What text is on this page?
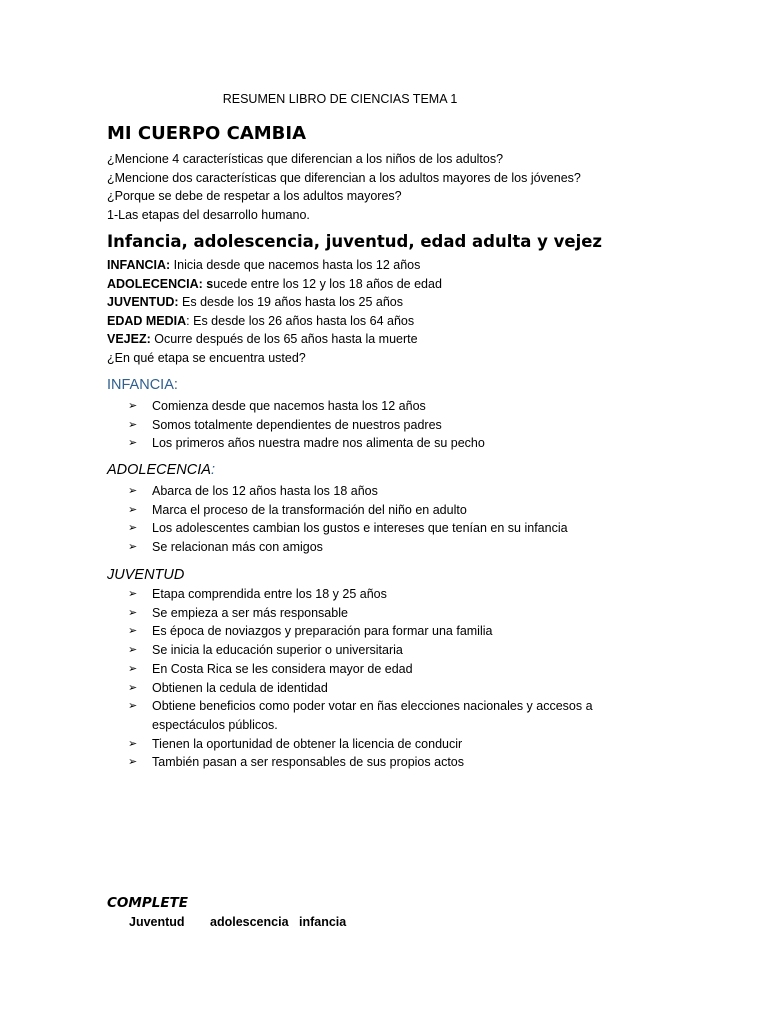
RESUMEN LIBRO DE CIENCIAS TEMA 1
MI CUERPO CAMBIA
¿Mencione 4 características que diferencian a los niños de los adultos?
¿Mencione dos características que diferencian a los adultos mayores de los jóvenes?
¿Porque se debe de respetar a los adultos mayores?
1-Las etapas del desarrollo humano.
Infancia, adolescencia, juventud, edad adulta y vejez
INFANCIA: Inicia desde que nacemos hasta los 12 años
ADOLECENCIA: sucede entre los 12 y los 18 años de edad
JUVENTUD: Es desde los 19 años hasta los 25 años
EDAD MEDIA: Es desde los 26 años hasta los 64 años
VEJEZ: Ocurre después de los 65 años hasta la muerte
¿En qué etapa se encuentra usted?
INFANCIA:
➢ Comienza desde que nacemos hasta los 12 años
➢ Somos totalmente dependientes de nuestros padres
➢ Los primeros años nuestra madre nos alimenta de su pecho
ADOLECENCIA:
➢ Abarca de los 12 años hasta los 18 años
➢ Marca el proceso de la transformación del niño en adulto
➢ Los adolescentes cambian los gustos e intereses que tenían en su infancia
➢ Se relacionan más con amigos
JUVENTUD
➢ Etapa comprendida entre los 18 y 25 años
➢ Se empieza a ser más responsable
➢ Es época de noviazgos y preparación para formar una familia
➢ Se inicia la educación superior o universitaria
➢ En Costa Rica se les considera mayor de edad
➢ Obtienen la cedula de identidad
➢ Obtiene beneficios como poder votar en ñas elecciones nacionales y accesos a
espectáculos públicos.
➢ Tienen la oportunidad de obtener la licencia de conducir
➢ También pasan a ser responsables de sus propios actos
COMPLETE
Juventud adolescencia infancia
